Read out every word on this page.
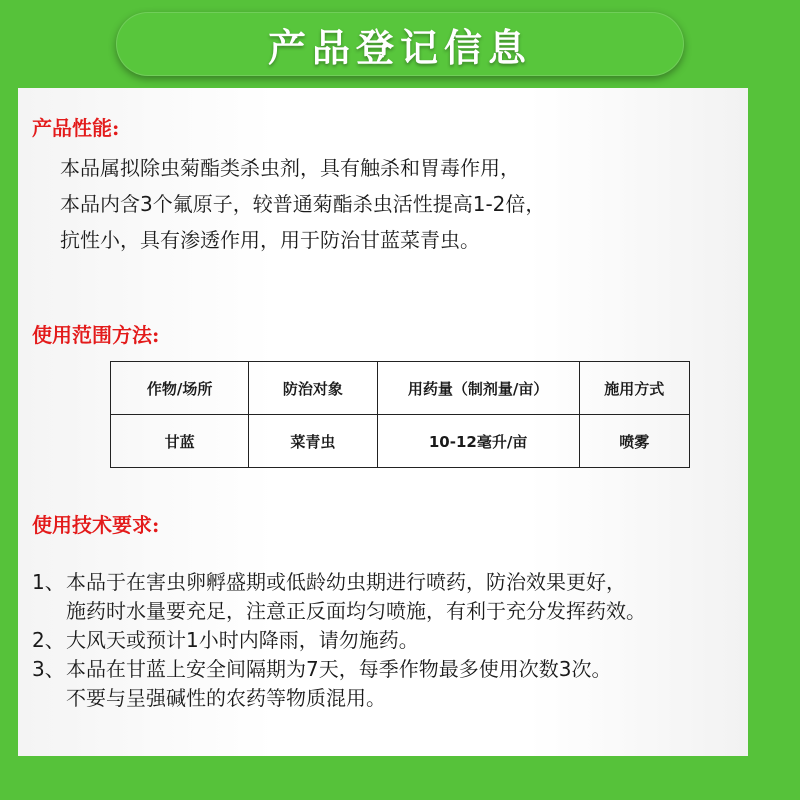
产品登记信息
产品性能:
本品属拟除虫菊酯类杀虫剂，具有触杀和胃毒作用，
本品内含3个氟原子，较普通菊酯杀虫活性提高1-2倍，
抗性小，具有渗透作用，用于防治甘蓝菜青虫。
使用范围方法:
作物/场所	防治对象	用药量（制剂量/亩）	施用方式
甘蓝	菜青虫	10-12毫升/亩	喷雾
使用技术要求:
1、 本品于在害虫卵孵盛期或低龄幼虫期进行喷药，防治效果更好，
施药时水量要充足，注意正反面均匀喷施，有利于充分发挥药效。
2、 大风天或预计1小时内降雨，请勿施药。
3、 本品在甘蓝上安全间隔期为7天，每季作物最多使用次数3次。
不要与呈强碱性的农药等物质混用。
